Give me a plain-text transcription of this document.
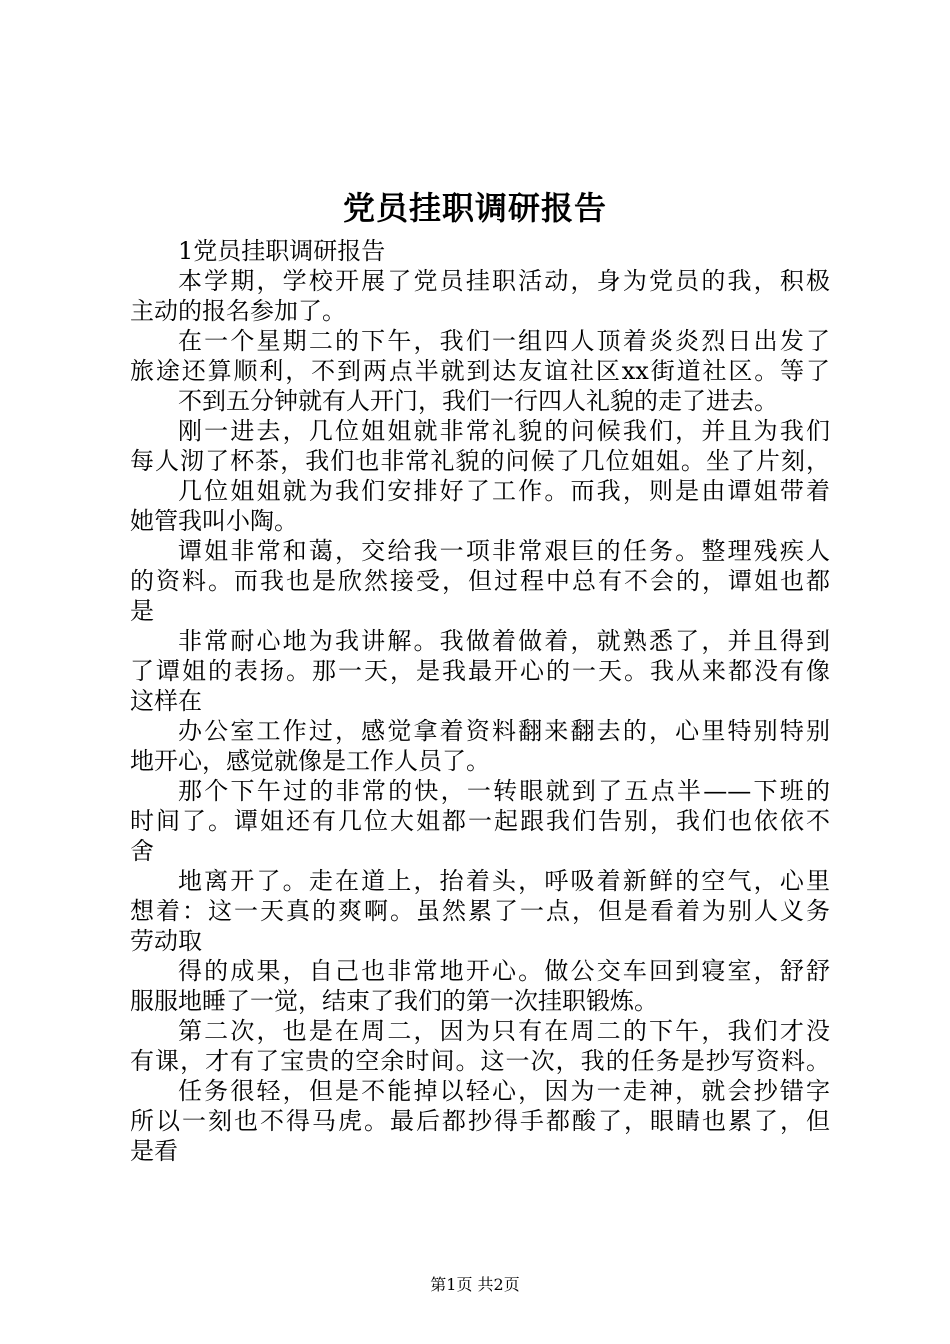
党员挂职调研报告
1党员挂职调研报告
本学期，学校开展了党员挂职活动，身为党员的我，积极
主动的报名参加了。
在一个星期二的下午，我们一组四人顶着炎炎烈日出发了
旅途还算顺利，不到两点半就到达友谊社区xx街道社区。等了
不到五分钟就有人开门，我们一行四人礼貌的走了进去。
刚一进去，几位姐姐就非常礼貌的问候我们，并且为我们
每人沏了杯茶，我们也非常礼貌的问候了几位姐姐。坐了片刻，
几位姐姐就为我们安排好了工作。而我，则是由谭姐带着
她管我叫小陶。
谭姐非常和蔼，交给我一项非常艰巨的任务。整理残疾人
的资料。而我也是欣然接受，但过程中总有不会的，谭姐也都
是
非常耐心地为我讲解。我做着做着，就熟悉了，并且得到
了谭姐的表扬。那一天，是我最开心的一天。我从来都没有像
这样在
办公室工作过，感觉拿着资料翻来翻去的，心里特别特别
地开心，感觉就像是工作人员了。
那个下午过的非常的快，一转眼就到了五点半——下班的
时间了。谭姐还有几位大姐都一起跟我们告别，我们也依依不
舍
地离开了。走在道上，抬着头，呼吸着新鲜的空气，心里
想着：这一天真的爽啊。虽然累了一点，但是看着为别人义务
劳动取
得的成果，自己也非常地开心。做公交车回到寝室，舒舒
服服地睡了一觉，结束了我们的第一次挂职锻炼。
第二次，也是在周二，因为只有在周二的下午，我们才没
有课，才有了宝贵的空余时间。这一次，我的任务是抄写资料。
任务很轻，但是不能掉以轻心，因为一走神，就会抄错字
所以一刻也不得马虎。最后都抄得手都酸了，眼睛也累了，但
是看
第1页 共2页
